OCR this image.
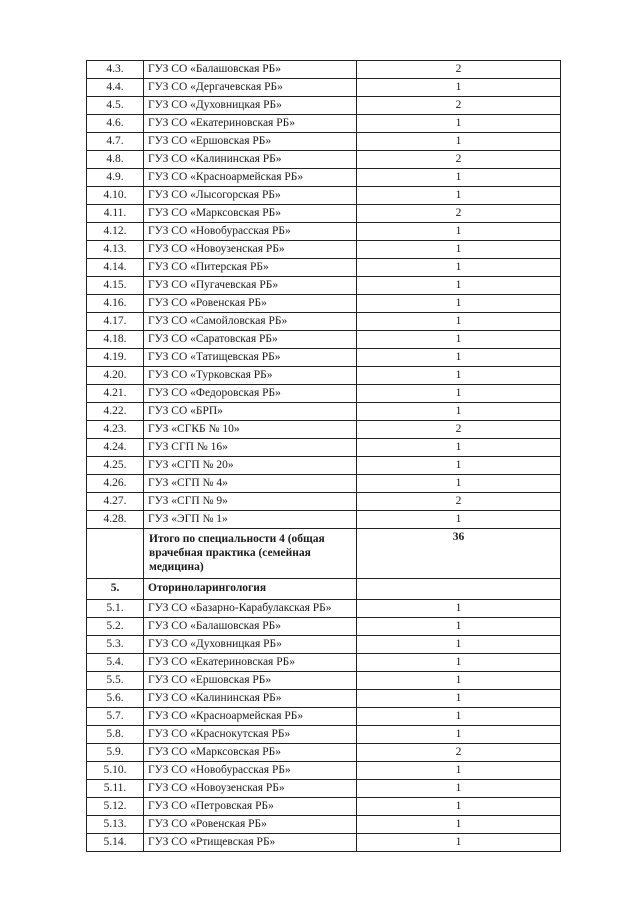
4.3.	ГУЗ СО «Балашовская РБ»	2
4.4.	ГУЗ СО «Дергачевская РБ»	1
4.5.	ГУЗ СО «Духовницкая РБ»	2
4.6.	ГУЗ СО «Екатериновская РБ»	1
4.7.	ГУЗ СО «Ершовская РБ»	1
4.8.	ГУЗ СО «Калининская РБ»	2
4.9.	ГУЗ СО «Красноармейская РБ»	1
4.10.	ГУЗ СО «Лысогорская РБ»	1
4.11.	ГУЗ СО «Марксовская РБ»	2
4.12.	ГУЗ СО «Новобурасская РБ»	1
4.13.	ГУЗ СО «Новоузенская РБ»	1
4.14.	ГУЗ СО «Питерская РБ»	1
4.15.	ГУЗ СО «Пугачевская РБ»	1
4.16.	ГУЗ СО «Ровенская РБ»	1
4.17.	ГУЗ СО «Самойловская РБ»	1
4.18.	ГУЗ СО «Саратовская РБ»	1
4.19.	ГУЗ СО «Татищевская РБ»	1
4.20.	ГУЗ СО «Турковская РБ»	1
4.21.	ГУЗ СО «Федоровская РБ»	1
4.22.	ГУЗ СО «БРП»	1
4.23.	ГУЗ «СГКБ № 10»	2
4.24.	ГУЗ СГП № 16»	1
4.25.	ГУЗ «СГП № 20»	1
4.26.	ГУЗ «СГП № 4»	1
4.27.	ГУЗ «СГП № 9»	2
4.28.	ГУЗ «ЭГП № 1»	1
	Итого по специальности 4 (общая врачебная практика (семейная медицина)	36
5.	Оториноларингология	
5.1.	ГУЗ СО «Базарно-Карабулакская РБ»	1
5.2.	ГУЗ СО «Балашовская РБ»	1
5.3.	ГУЗ СО «Духовницкая РБ»	1
5.4.	ГУЗ СО «Екатериновская РБ»	1
5.5.	ГУЗ СО «Ершовская РБ»	1
5.6.	ГУЗ СО «Калининская РБ»	1
5.7.	ГУЗ СО «Красноармейская РБ»	1
5.8.	ГУЗ СО «Краснокутская РБ»	1
5.9.	ГУЗ СО «Марксовская РБ»	2
5.10.	ГУЗ СО «Новобурасская РБ»	1
5.11.	ГУЗ СО «Новоузенская РБ»	1
5.12.	ГУЗ СО «Петровская РБ»	1
5.13.	ГУЗ СО «Ровенская РБ»	1
5.14.	ГУЗ СО «Ртищевская РБ»	1
